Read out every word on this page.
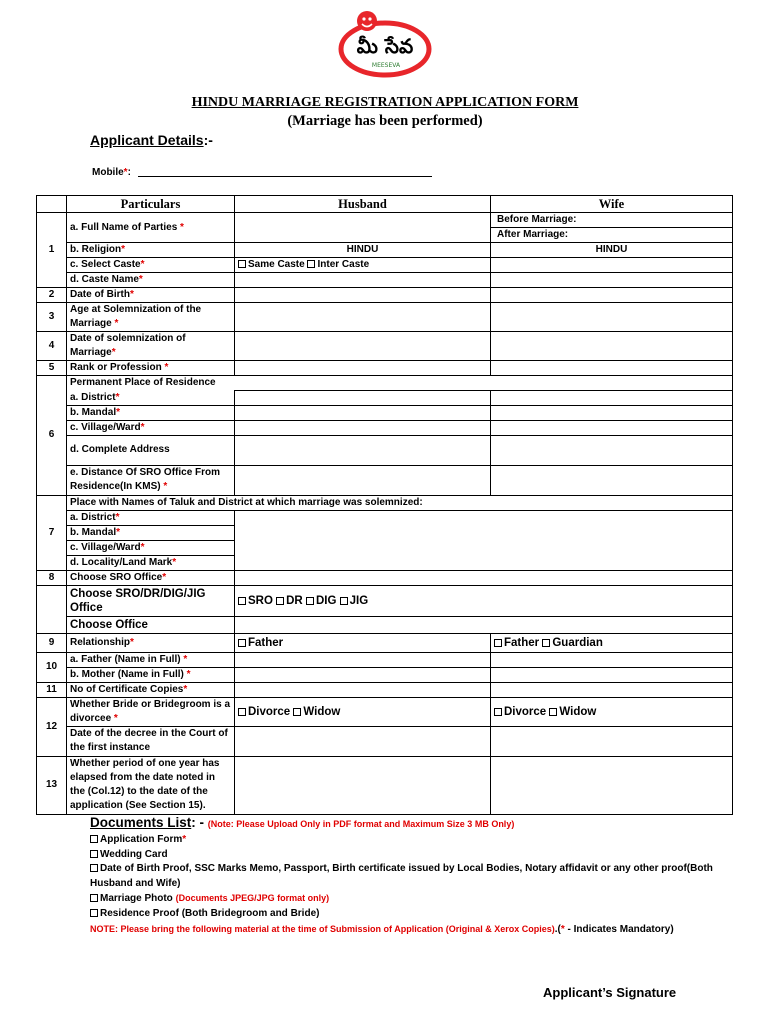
మీ సేవ
MEESEVA
HINDU MARRIAGE REGISTRATION APPLICATION FORM
(Marriage has been performed)
Applicant Details:-
Mobile*:
	Particulars	Husband	Wife
1	a. Full Name of Parties *		Before Marriage:
After Marriage:

	b. Religion*	HINDU	HINDU
	c. Select Caste*	Same Caste Inter Caste	
	d. Caste Name*		
2	Date of Birth*		
3	Age at Solemnization of the Marriage *		
4	Date of solemnization of Marriage*		
5	Rank or Profession *		
6	Permanent Place of Residence		
	a. District*		
	b. Mandal*		
	c. Village/Ward*		
	d. Complete Address		
	e. Distance Of SRO Office From Residence(In KMS) *		
7	Place with Names of Taluk and District at which marriage was solemnized:		
	a. District*		
	b. Mandal*		
	c. Village/Ward*		
	d. Locality/Land Mark*		
8	Choose SRO Office*		
	Choose SRO/DR/DIG/JIG Office	SRO DR DIG JIG	
	Choose Office		
9	Relationship*	Father	Father Guardian
10	a. Father (Name in Full) *		
	b. Mother (Name in Full) *		
11	No of Certificate Copies*		
12	Whether Bride or Bridegroom is a divorcee *	Divorce Widow	Divorce Widow
	Date of the decree in the Court of the first instance		
13	Whether period of one year has elapsed from the date noted in the (Col.12) to the date of the application (See Section 15).		
Documents List: - (Note: Please Upload Only in PDF format and Maximum Size 3 MB Only)
Application Form*
Wedding Card
Date of Birth Proof, SSC Marks Memo, Passport, Birth certificate issued by Local Bodies, Notary affidavit or any other proof(Both Husband and Wife)
Marriage Photo (Documents JPEG/JPG format only)
Residence Proof (Both Bridegroom and Bride)
NOTE: Please bring the following material at the time of Submission of Application (Original & Xerox Copies).(* - Indicates Mandatory)
Applicant’s Signature
